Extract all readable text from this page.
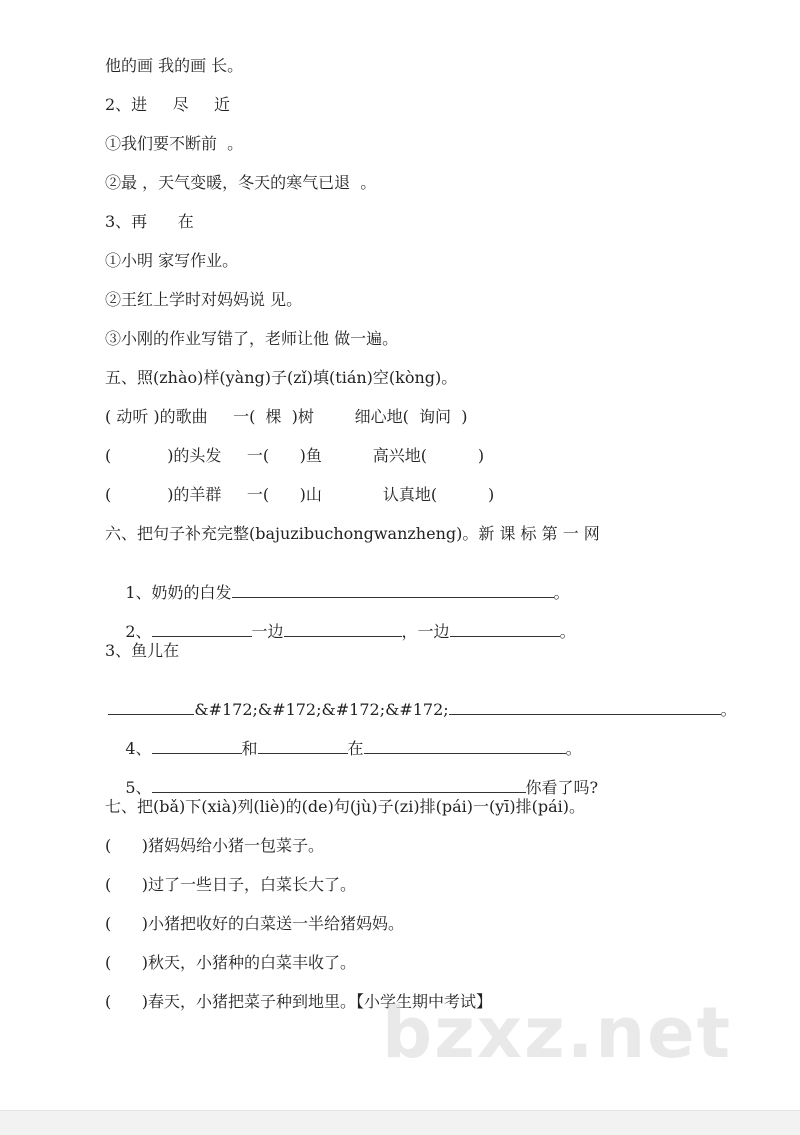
他的画 我的画 长。
2、进     尽     近
①我们要不断前  。
②最 ，天气变暖，冬天的寒气已退  。
3、再      在
①小明 家写作业。
②王红上学时对妈妈说 见。
③小刚的作业写错了，老师让他 做一遍。
五、照(zhào)样(yàng)子(zǐ)填(tián)空(kòng)。
( 动听 )的歌曲     一(  棵  )树        细心地(  询问  )
(           )的头发     一(      )鱼          高兴地(          )
(           )的羊群     一(      )山            认真地(          )
六、把句子补充完整(bajuzibuchongwanzheng)。新 课 标 第 一 网

1、奶奶的白发	。

2、	一边	，一边	。

3、鱼儿在

&#172;&#172;&#172;&#172;	。

4、	和	在	。

5、	你看了吗?

七、把(bǎ)下(xià)列(liè)的(de)句(jù)子(zi)排(pái)一(yī)排(pái)。
(      )猪妈妈给小猪一包菜子。
(      )过了一些日子，白菜长大了。
(      )小猪把收好的白菜送一半给猪妈妈。
(      )秋天，小猪种的白菜丰收了。
(      )春天，小猪把菜子种到地里。【小学生期中考试】
bzxz.net
